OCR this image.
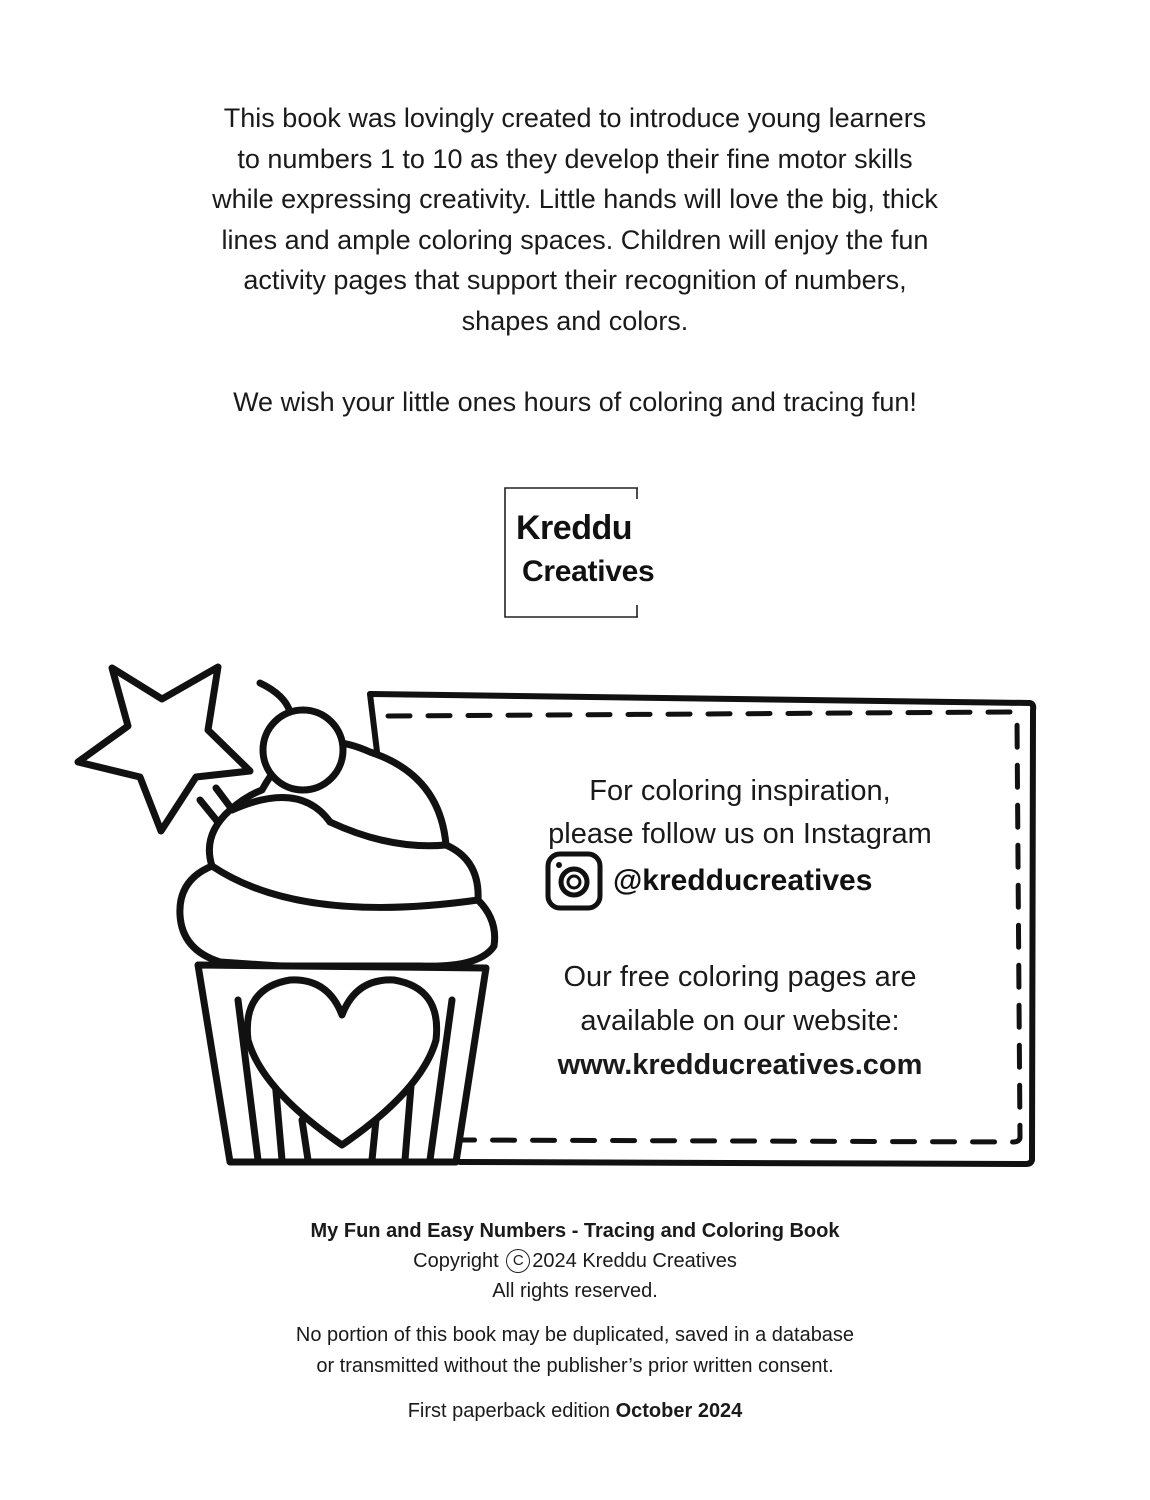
This book was lovingly created to introduce young learners

to numbers 1 to 10 as they develop their fine motor skills

while expressing creativity. Little hands will love the big, thick

lines and ample coloring spaces. Children will enjoy the fun

activity pages that support their recognition of numbers,

shapes and colors.

We wish your little ones hours of coloring and tracing fun!

Kreddu
Creatives
For coloring inspiration,
please follow us on Instagram
@kredducreatives
Our free coloring pages are
available on our website:
www.kredducreatives.com
My Fun and Easy Numbers - Tracing and Coloring Book
Copyright C 2024 Kreddu Creatives
All rights reserved.
No portion of this book may be duplicated, saved in a database
or transmitted without the publisher’s prior written consent.
First paperback edition October 2024
